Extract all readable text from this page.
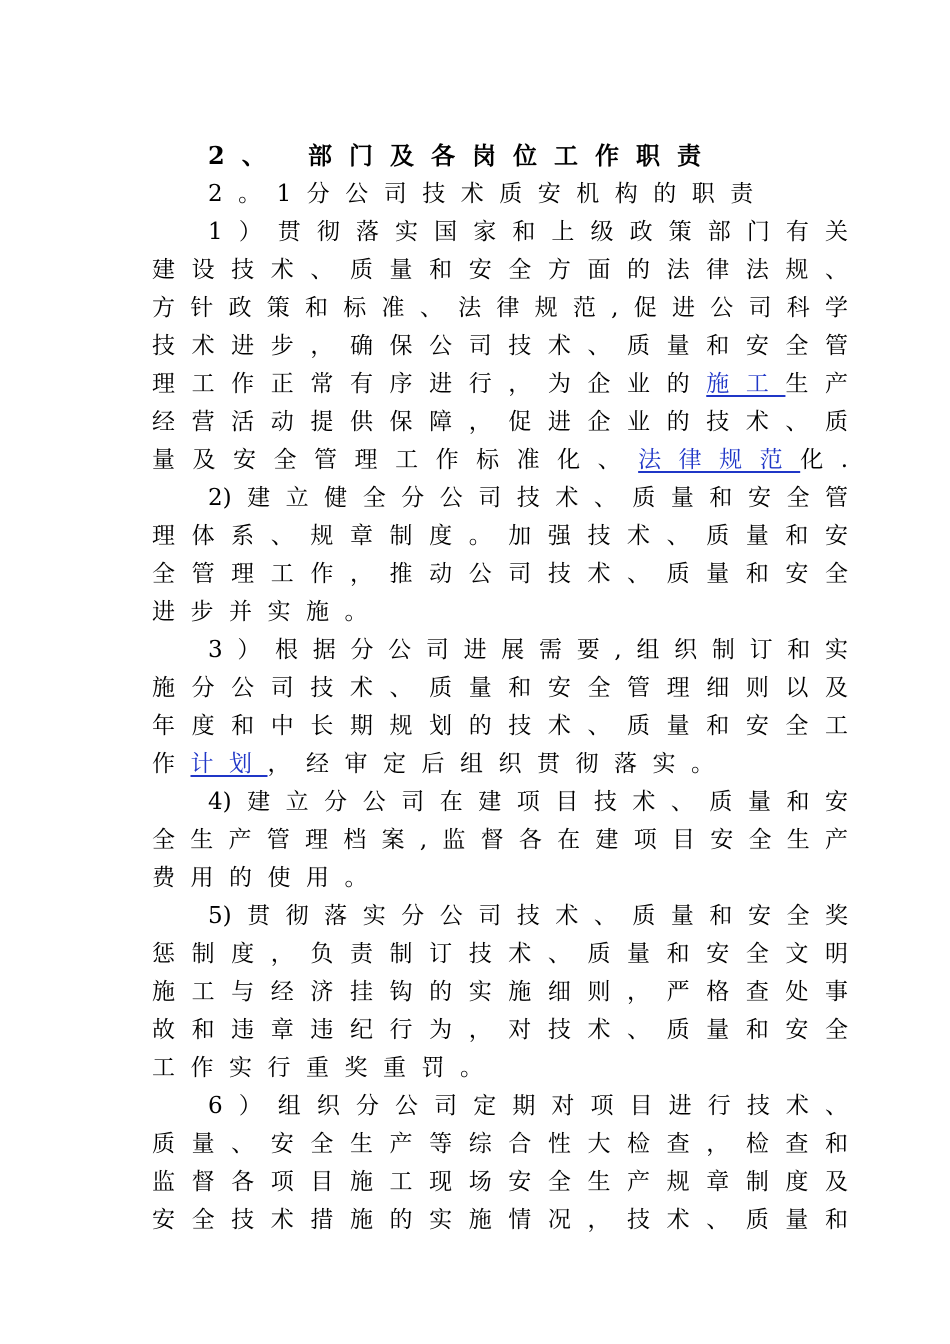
2、 部门及各岗位工作职责
2。1分公司技术质安机构的职责
1）贯彻落实国家和上级政策部门有关
建设技术、质量和安全方面的法律法规、
方针政策和标准、法律规范,促进公司科学
技术进步，确保公司技术、质量和安全管
理工作正常有序进行，为企业的施工生产
经营活动提供保障，促进企业的技术、质
量及安全管理工作标准化、法律规范化.
2)建立健全分公司技术、质量和安全管
理体系、规章制度。加强技术、质量和安
全管理工作，推动公司技术、质量和安全
进步并实施。
3）根据分公司进展需要,组织制订和实
施分公司技术、质量和安全管理细则以及
年度和中长期规划的技术、质量和安全工
作计划，经审定后组织贯彻落实。
4)建立分公司在建项目技术、质量和安
全生产管理档案,监督各在建项目安全生产
费用的使用。
5)贯彻落实分公司技术、质量和安全奖
惩制度，负责制订技术、质量和安全文明
施工与经济挂钩的实施细则，严格查处事
故和违章违纪行为，对技术、质量和安全
工作实行重奖重罚。
6）组织分公司定期对项目进行技术、
质量、安全生产等综合性大检查，检查和
监督各项目施工现场安全生产规章制度及
安全技术措施的实施情况，技术、质量和
